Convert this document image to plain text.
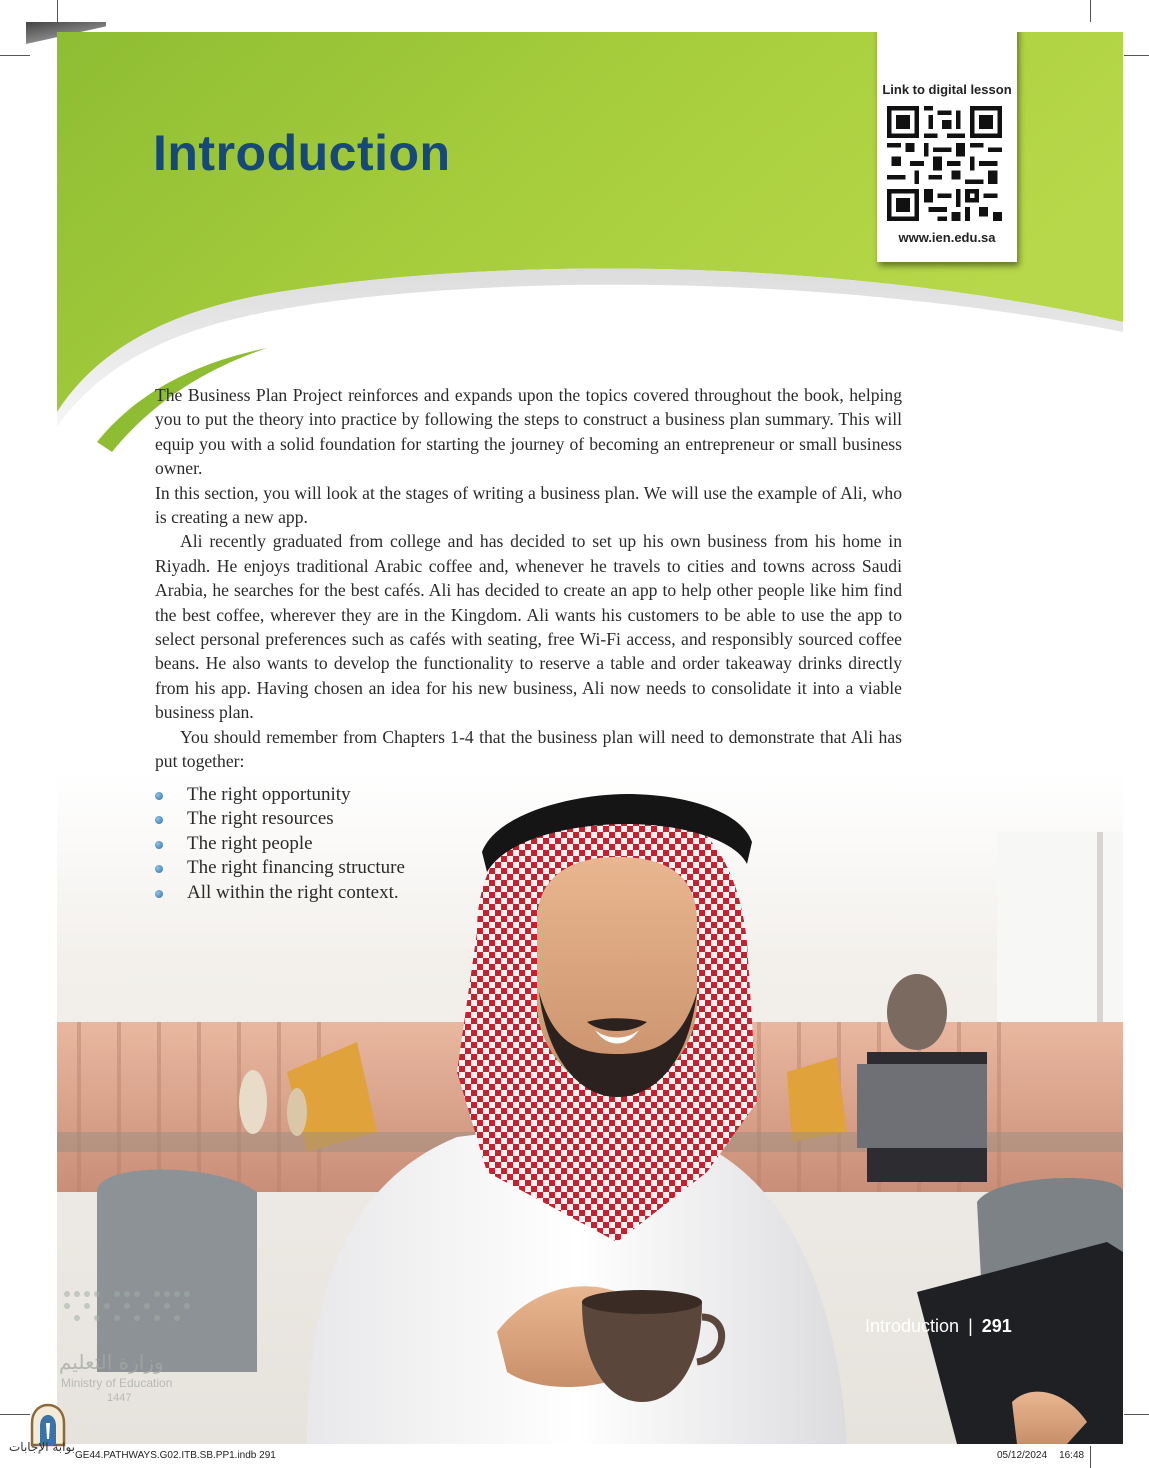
Introduction
Link to digital lesson
www.ien.edu.sa

The Business Plan Project reinforces and expands upon the topics covered throughout the book, helping you to put the theory into practice by following the steps to construct a business plan summary. This will equip you with a solid foundation for starting the journey of becoming an entrepreneur or small business owner.

In this section, you will look at the stages of writing a business plan. We will use the example of Ali, who is creating a new app.

Ali recently graduated from college and has decided to set up his own business from his home in Riyadh. He enjoys traditional Arabic coffee and, whenever he travels to cities and towns across Saudi Arabia, he searches for the best cafés. Ali has decided to create an app to help other people like him find the best coffee, wherever they are in the Kingdom. Ali wants his customers to be able to use the app to select personal preferences such as cafés with seating, free Wi-Fi access, and responsibly sourced coffee beans. He also wants to develop the functionality to reserve a table and order takeaway drinks directly from his app. Having chosen an idea for his new business, Ali now needs to consolidate it into a viable business plan.

You should remember from Chapters 1-4 that the business plan will need to demonstrate that Ali has put together:

The right opportunity
The right resources
The right people
The right financing structure
All within the right context.
Introduction | 291
وزارة التعليم
Ministry of Education
1447
بوابة الإجابات
GE44.PATHWAYS.G02.ITB.SB.PP1.indb 291	05/12/2024 16:48
